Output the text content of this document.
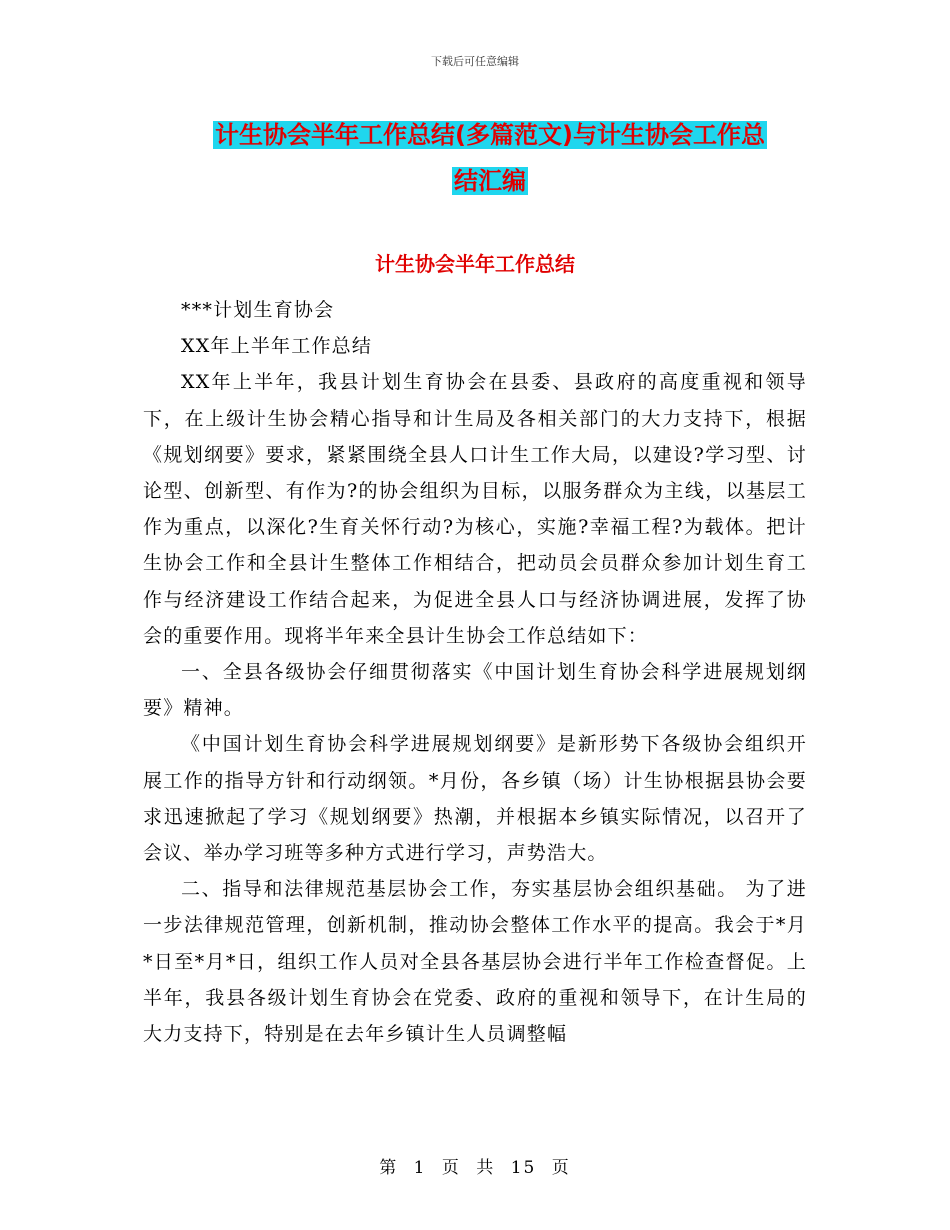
下载后可任意编辑
计生协会半年工作总结(多篇范文)与计生协会工作总
结汇编
计生协会半年工作总结

***计划生育协会

XX年上半年工作总结

XX年上半年，我县计划生育协会在县委、县政府的高度重视和领导下，在上级计生协会精心指导和计生局及各相关部门的大力支持下，根据《规划纲要》要求，紧紧围绕全县人口计生工作大局，以建设?学习型、讨论型、创新型、有作为?的协会组织为目标，以服务群众为主线，以基层工作为重点，以深化?生育关怀行动?为核心，实施?幸福工程?为载体。把计生协会工作和全县计生整体工作相结合，把动员会员群众参加计划生育工作与经济建设工作结合起来，为促进全县人口与经济协调进展，发挥了协会的重要作用。现将半年来全县计生协会工作总结如下：

一、全县各级协会仔细贯彻落实《中国计划生育协会科学进展规划纲要》精神。

《中国计划生育协会科学进展规划纲要》是新形势下各级协会组织开展工作的指导方针和行动纲领。*月份，各乡镇（场）计生协根据县协会要求迅速掀起了学习《规划纲要》热潮，并根据本乡镇实际情况，以召开了会议、举办学习班等多种方式进行学习，声势浩大。

二、指导和法律规范基层协会工作，夯实基层协会组织基础。 为了进一步法律规范管理，创新机制，推动协会整体工作水平的提高。我会于*月*日至*月*日，组织工作人员对全县各基层协会进行半年工作检查督促。上半年，我县各级计划生育协会在党委、政府的重视和领导下，在计生局的大力支持下，特别是在去年乡镇计生人员调整幅

第 1 页 共 15 页
